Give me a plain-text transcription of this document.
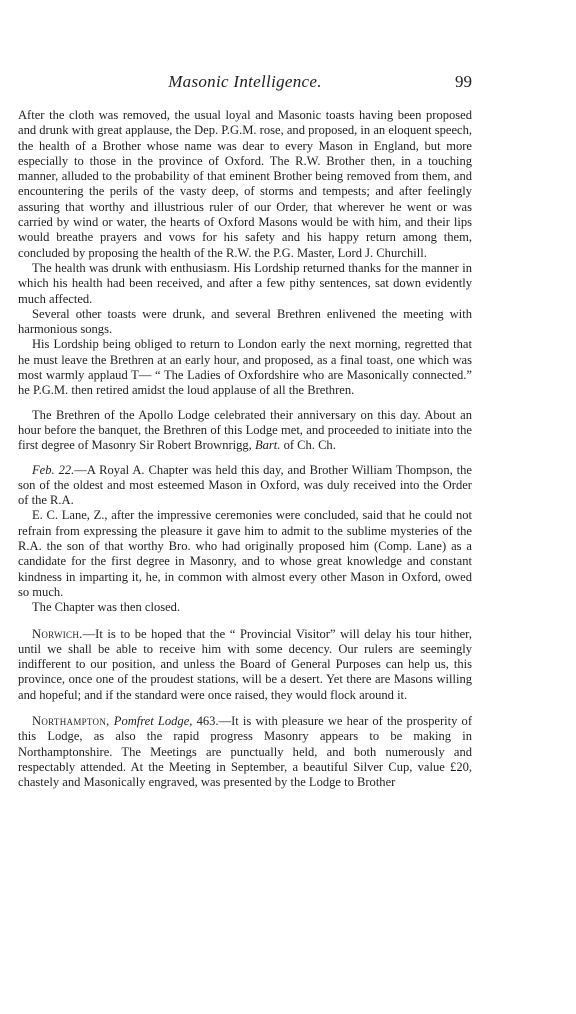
Masonic Intelligence.	99

After the cloth was removed, the usual loyal and Masonic toasts having been proposed and drunk with great applause, the Dep. P.G.M. rose, and proposed, in an eloquent speech, the health of a Brother whose name was dear to every Mason in England, but more especially to those in the province of Oxford. The R.W. Brother then, in a touching manner, alluded to the probability of that eminent Brother being removed from them, and encountering the perils of the vasty deep, of storms and tempests; and after feelingly assuring that worthy and illustrious ruler of our Order, that wherever he went or was carried by wind or water, the hearts of Oxford Masons would be with him, and their lips would breathe prayers and vows for his safety and his happy return among them, concluded by proposing the health of the R.W. the P.G. Master, Lord J. Churchill.

The health was drunk with enthusiasm. His Lordship returned thanks for the manner in which his health had been received, and after a few pithy sentences, sat down evidently much affected.

Several other toasts were drunk, and several Brethren enlivened the meeting with harmonious songs.

His Lordship being obliged to return to London early the next morning, regretted that he must leave the Brethren at an early hour, and proposed, as a final toast, one which was most warmly applaud T— “ The Ladies of Oxfordshire who are Masonically connected.” he P.G.M. then retired amidst the loud applause of all the Brethren.

The Brethren of the Apollo Lodge celebrated their anniversary on this day. About an hour before the banquet, the Brethren of this Lodge met, and proceeded to initiate into the first degree of Masonry Sir Robert Brownrigg, Bart. of Ch. Ch.

Feb. 22.—A Royal A. Chapter was held this day, and Brother William Thompson, the son of the oldest and most esteemed Mason in Oxford, was duly received into the Order of the R.A.

E. C. Lane, Z., after the impressive ceremonies were concluded, said that he could not refrain from expressing the pleasure it gave him to admit to the sublime mysteries of the R.A. the son of that worthy Bro. who had originally proposed him (Comp. Lane) as a candidate for the first degree in Masonry, and to whose great knowledge and constant kindness in imparting it, he, in common with almost every other Mason in Oxford, owed so much.

The Chapter was then closed.

Norwich.—It is to be hoped that the “ Provincial Visitor” will delay his tour hither, until we shall be able to receive him with some decency. Our rulers are seemingly indifferent to our position, and unless the Board of General Purposes can help us, this province, once one of the proudest stations, will be a desert. Yet there are Masons willing and hopeful; and if the standard were once raised, they would flock around it.

Northampton, Pomfret Lodge, 463.—It is with pleasure we hear of the prosperity of this Lodge, as also the rapid progress Masonry appears to be making in Northamptonshire. The Meetings are punctually held, and both numerously and respectably attended. At the Meeting in September, a beautiful Silver Cup, value £20, chastely and Masonically engraved, was presented by the Lodge to Brother
